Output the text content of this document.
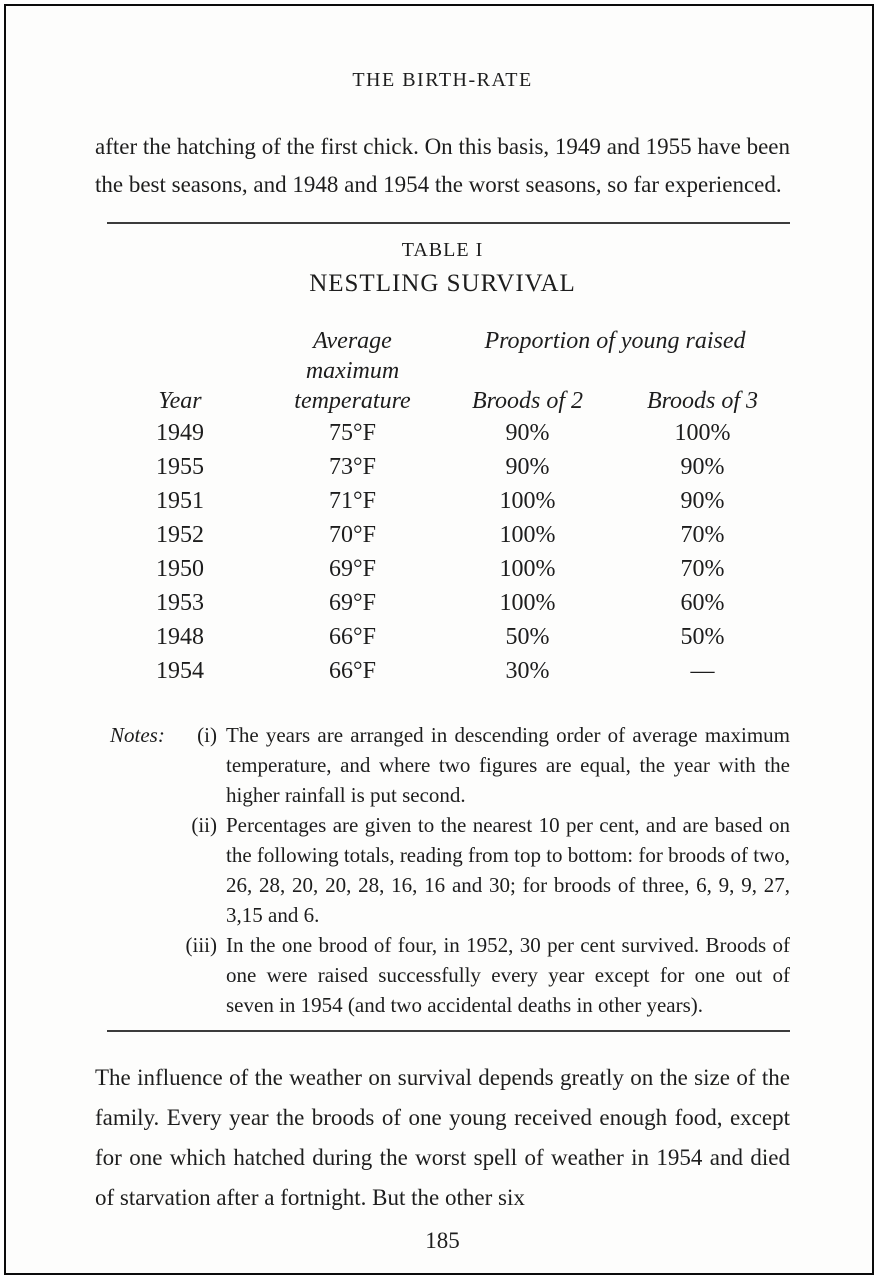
THE BIRTH-RATE

after the hatching of the first chick. On this basis, 1949 and 1955 have been the best seasons, and 1948 and 1954 the worst seasons, so far experienced.

TABLE I
NESTLING SURVIVAL
Average maximum
Proportion of young raised
Year	temperature	Broods of 2	Broods of 3
1949	75°F	90%	100%
1955	73°F	90%	90%
1951	71°F	100%	90%
1952	70°F	100%	70%
1950	69°F	100%	70%
1953	69°F	100%	60%
1948	66°F	50%	50%
1954	66°F	30%	—
Notes:	(i) The years are arranged in descending order of average maximum temperature, and where two figures are equal, the year with the higher rainfall is put second.
(ii) Percentages are given to the nearest 10 per cent, and are based on the following totals, reading from top to bottom: for broods of two, 26, 28, 20, 20, 28, 16, 16 and 30; for broods of three, 6, 9, 9, 27, 3,15 and 6.
(iii) In the one brood of four, in 1952, 30 per cent survived. Broods of one were raised successfully every year except for one out of seven in 1954 (and two accidental deaths in other years).

The influence of the weather on survival depends greatly on the size of the family. Every year the broods of one young received enough food, except for one which hatched during the worst spell of weather in 1954 and died of starvation after a fortnight. But the other six

185
